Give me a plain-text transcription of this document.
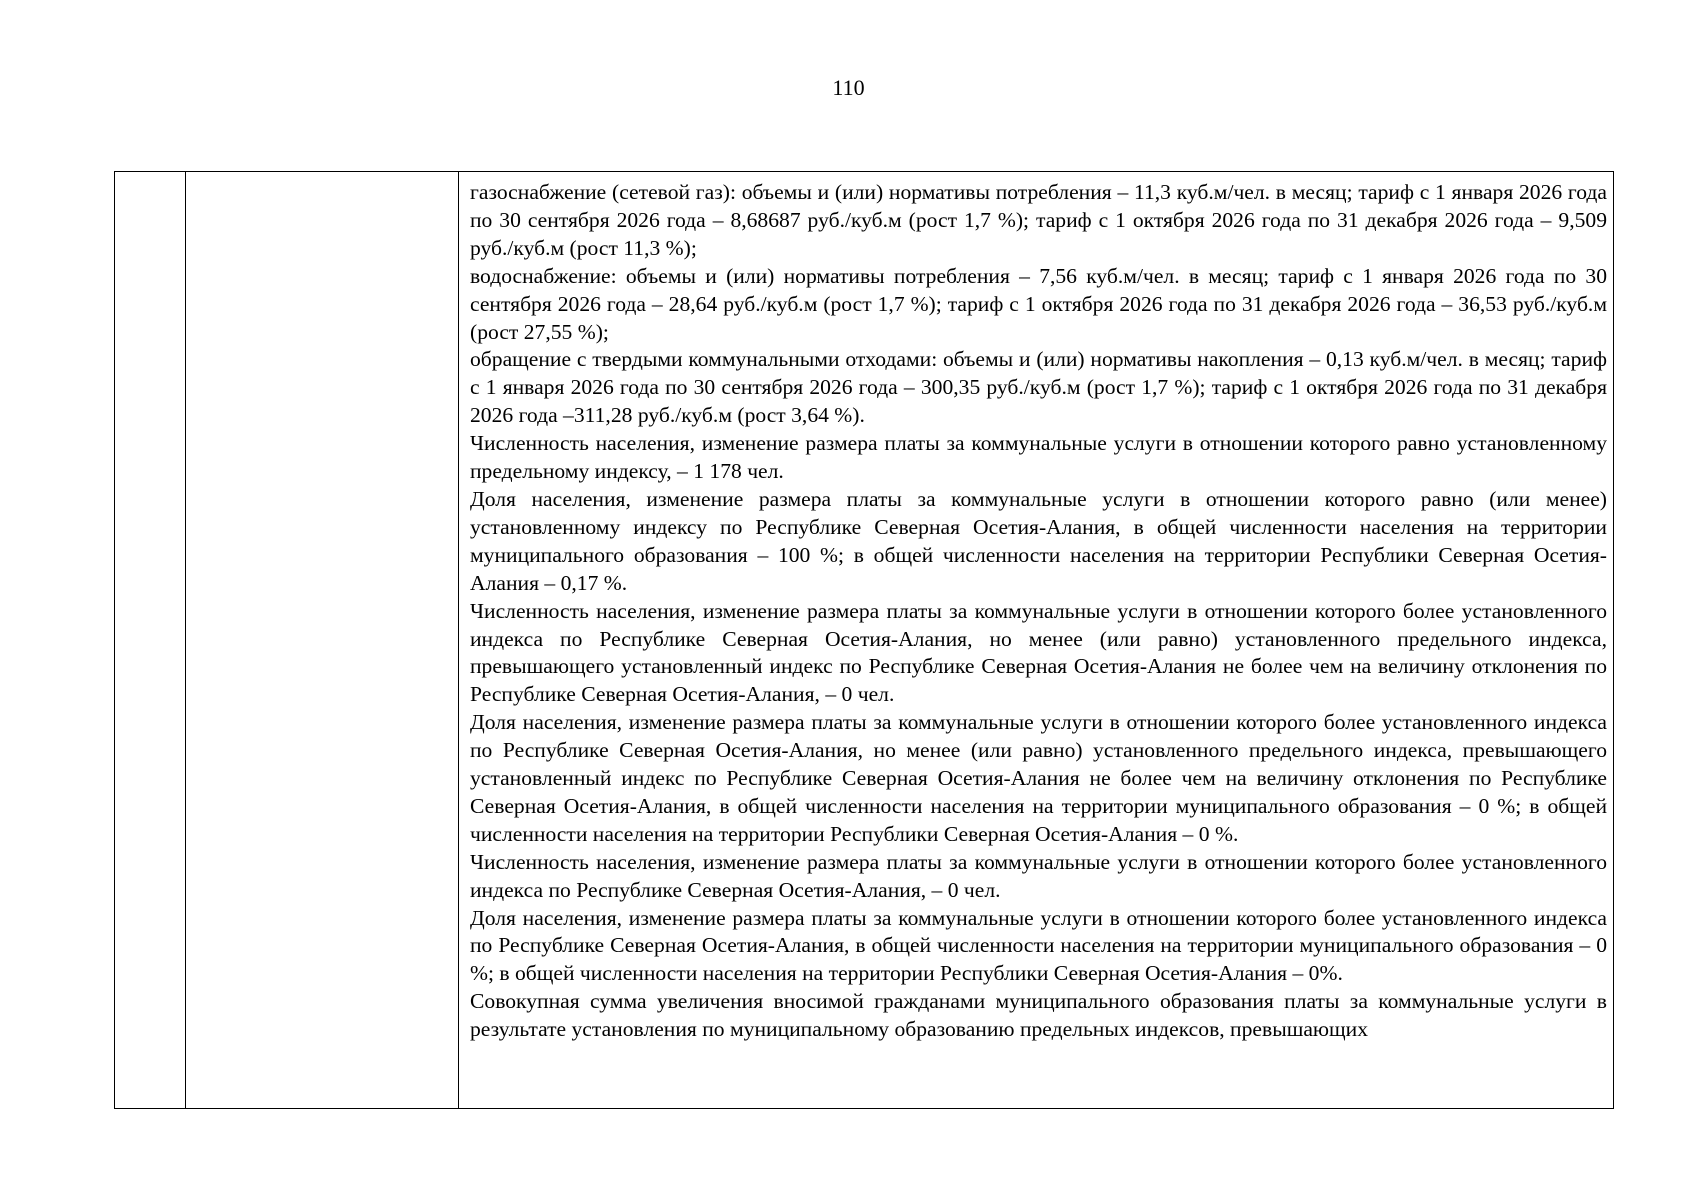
110

газоснабжение (сетевой газ): объемы и (или) нормативы потребления – 11,3 куб.м/чел. в месяц; тариф с 1 января 2026 года по 30 сентября 2026 года – 8,68687 руб./куб.м (рост 1,7 %); тариф с 1 октября 2026 года по 31 декабря 2026 года – 9,509 руб./куб.м (рост 11,3 %);

водоснабжение: объемы и (или) нормативы потребления – 7,56 куб.м/чел. в месяц; тариф с 1 января 2026 года по 30 сентября 2026 года – 28,64 руб./куб.м (рост 1,7 %); тариф с 1 октября 2026 года по 31 декабря 2026 года – 36,53 руб./куб.м (рост 27,55 %);

обращение с твердыми коммунальными отходами: объемы и (или) нормативы накопления – 0,13 куб.м/чел. в месяц; тариф с 1 января 2026 года по 30 сентября 2026 года – 300,35 руб./куб.м (рост 1,7 %); тариф с 1 октября 2026 года по 31 декабря 2026 года –311,28 руб./куб.м (рост 3,64 %).

Численность населения, изменение размера платы за коммунальные услуги в отношении которого равно установленному предельному индексу, – 1 178 чел.

Доля населения, изменение размера платы за коммунальные услуги в отношении которого равно (или менее) установленному индексу по Республике Северная Осетия-Алания, в общей численности населения на территории муниципального образования – 100 %; в общей численности населения на территории Республики Северная Осетия-Алания – 0,17 %.

Численность населения, изменение размера платы за коммунальные услуги в отношении которого более установленного индекса по Республике Северная Осетия-Алания, но менее (или равно) установленного предельного индекса, превышающего установленный индекс по Республике Северная Осетия-Алания не более чем на величину отклонения по Республике Северная Осетия-Алания, – 0 чел.

Доля населения, изменение размера платы за коммунальные услуги в отношении которого более установленного индекса по Республике Северная Осетия-Алания, но менее (или равно) установленного предельного индекса, превышающего установленный индекс по Республике Северная Осетия-Алания не более чем на величину отклонения по Республике Северная Осетия-Алания, в общей численности населения на территории муниципального образования – 0 %; в общей численности населения на территории Республики Северная Осетия-Алания – 0 %.

Численность населения, изменение размера платы за коммунальные услуги в отношении которого более установленного индекса по Республике Северная Осетия-Алания, – 0 чел.

Доля населения, изменение размера платы за коммунальные услуги в отношении которого более установленного индекса по Республике Северная Осетия-Алания, в общей численности населения на территории муниципального образования – 0 %; в общей численности населения на территории Республики Северная Осетия-Алания – 0%.

Совокупная сумма увеличения вносимой гражданами муниципального образования платы за коммунальные услуги в результате установления по муниципальному образованию предельных индексов, превышающих
